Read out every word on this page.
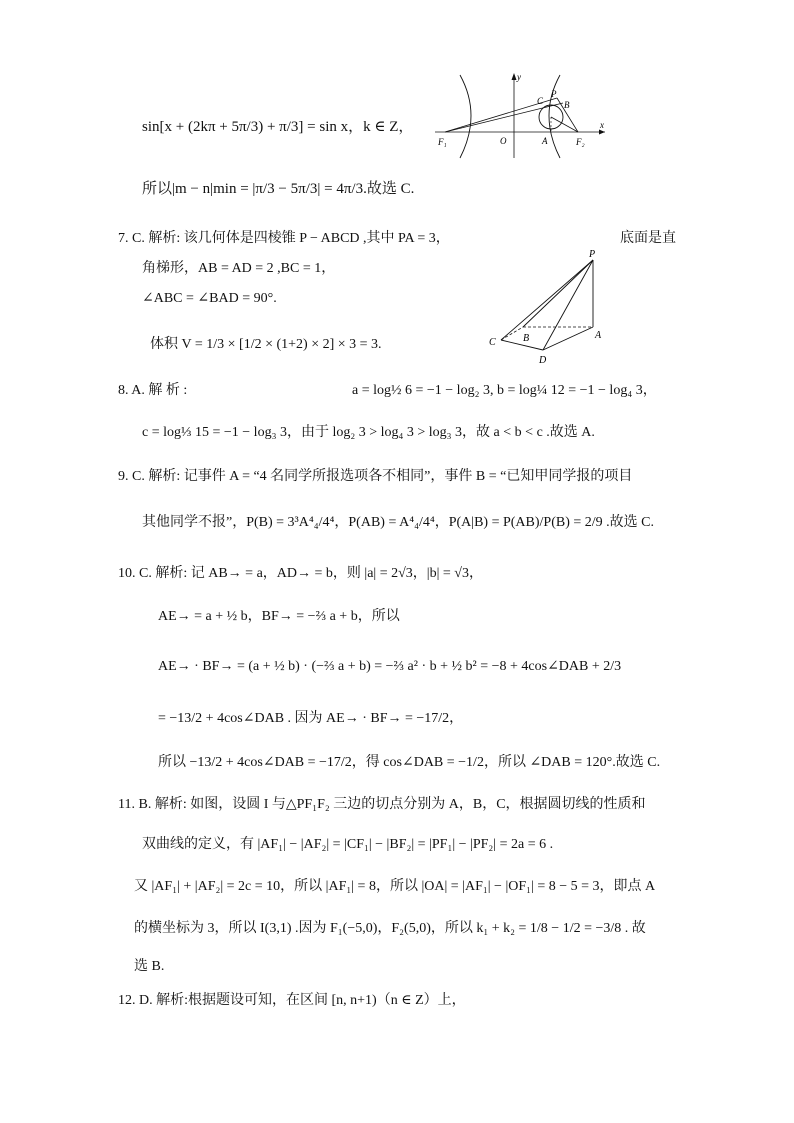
sin[x + (2kπ + 5π/3) + π/3] = sin x，k ∈ Z，
y
x
C
P
B
O	A
F₁	F₂
所以|m − n|min = |π/3 − 5π/3| = 4π/3.故选 C.
7. C. 解析: 该几何体是四棱锥 P − ABCD ,其中 PA = 3，	底面是直
角梯形，AB = AD = 2 ,BC = 1，
∠ABC = ∠BAD = 90°.
体积 V = 1/3 × [1/2 × (1+2) × 2] × 3 = 3.
P
C	B	A
D
8. A. 解 析 :	a = log½ 6 = −1 − log₂ 3, b = log¼ 12 = −1 − log₄ 3，
c = log⅓ 15 = −1 − log₃ 3，由于 log₂ 3 > log₄ 3 > log₃ 3，故 a < b < c .故选 A.
9. C. 解析: 记事件 A = “4 名同学所报选项各不相同”，事件 B = “已知甲同学报的项目
其他同学不报”，P(B) = 3³A⁴₄/4⁴，P(AB) = A⁴₄/4⁴，P(A|B) = P(AB)/P(B) = 2/9 .故选 C.
10. C. 解析: 记 AB→ = a，AD→ = b，则 |a| = 2√3，|b| = √3，
AE→ = a + ½ b，BF→ = −⅔ a + b，所以
AE→ · BF→ = (a + ½ b) · (−⅔ a + b) = −⅔ a² · b + ½ b² = −8 + 4cos∠DAB + 2/3
= −13/2 + 4cos∠DAB . 因为 AE→ · BF→ = −17/2，
所以 −13/2 + 4cos∠DAB = −17/2，得 cos∠DAB = −1/2，所以 ∠DAB = 120°.故选 C.
11. B. 解析: 如图，设圆 I 与△PF₁F₂ 三边的切点分别为 A，B，C，根据圆切线的性质和
双曲线的定义，有 |AF₁| − |AF₂| = |CF₁| − |BF₂| = |PF₁| − |PF₂| = 2a = 6 .
又 |AF₁| + |AF₂| = 2c = 10，所以 |AF₁| = 8，所以 |OA| = |AF₁| − |OF₁| = 8 − 5 = 3，即点 A
的横坐标为 3，所以 I(3,1) .因为 F₁(−5,0)，F₂(5,0)，所以 k₁ + k₂ = 1/8 − 1/2 = −3/8 . 故
选 B.
12. D. 解析:根据题设可知，在区间 [n, n+1)（n ∈ Z）上，
